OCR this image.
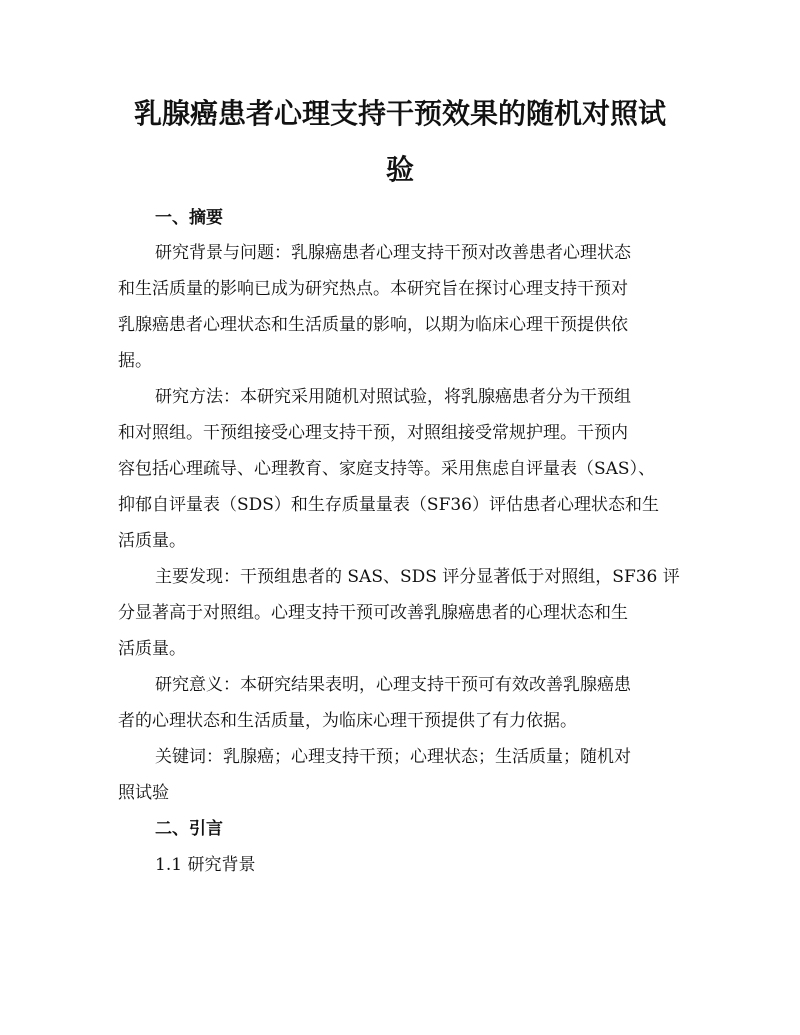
乳腺癌患者心理支持干预效果的随机对照试
验
一、摘要

研究背景与问题：乳腺癌患者心理支持干预对改善患者心理状态

和生活质量的影响已成为研究热点。本研究旨在探讨心理支持干预对

乳腺癌患者心理状态和生活质量的影响，以期为临床心理干预提供依

据。

研究方法：本研究采用随机对照试验，将乳腺癌患者分为干预组

和对照组。干预组接受心理支持干预，对照组接受常规护理。干预内

容包括心理疏导、心理教育、家庭支持等。采用焦虑自评量表（SAS）、

抑郁自评量表（SDS）和生存质量量表（SF36）评估患者心理状态和生

活质量。

主要发现：干预组患者的 SAS、SDS 评分显著低于对照组，SF36 评

分显著高于对照组。心理支持干预可改善乳腺癌患者的心理状态和生

活质量。

研究意义：本研究结果表明，心理支持干预可有效改善乳腺癌患

者的心理状态和生活质量，为临床心理干预提供了有力依据。

关键词：乳腺癌；心理支持干预；心理状态；生活质量；随机对

照试验

二、引言

1.1 研究背景
